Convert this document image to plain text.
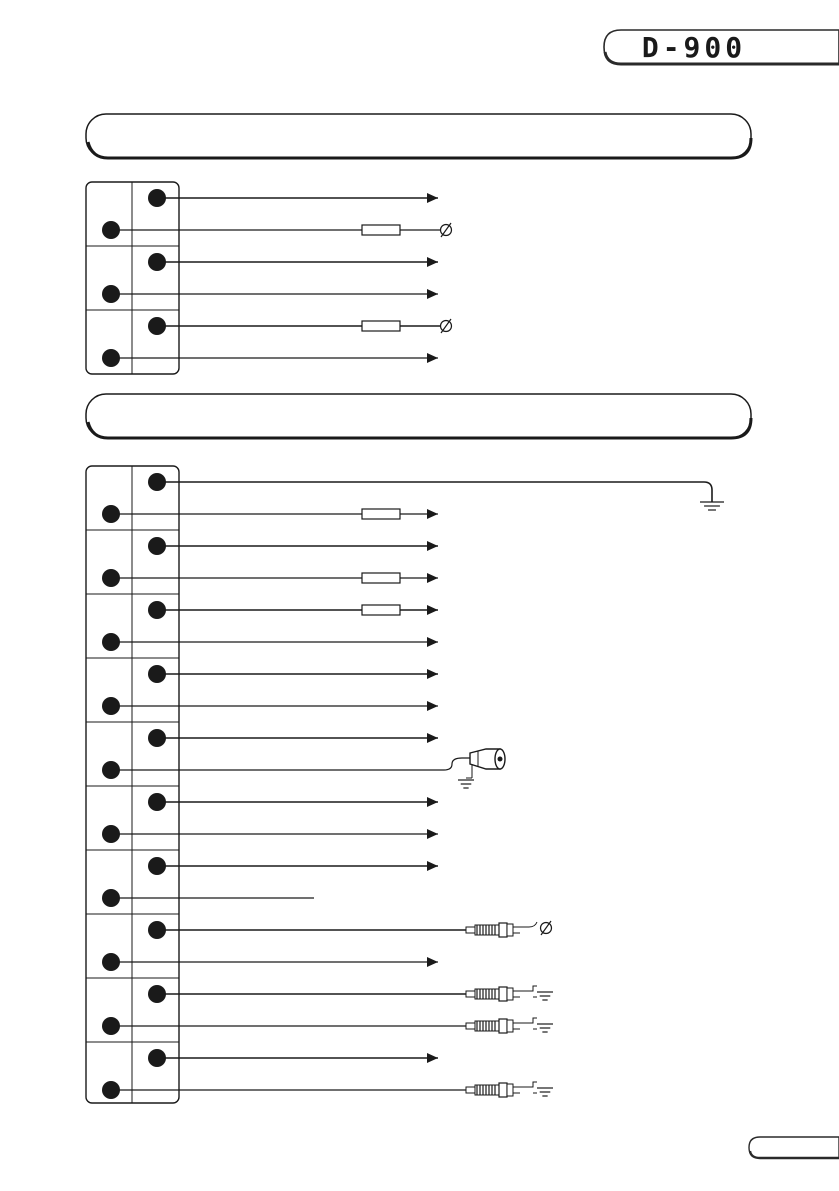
D-900
